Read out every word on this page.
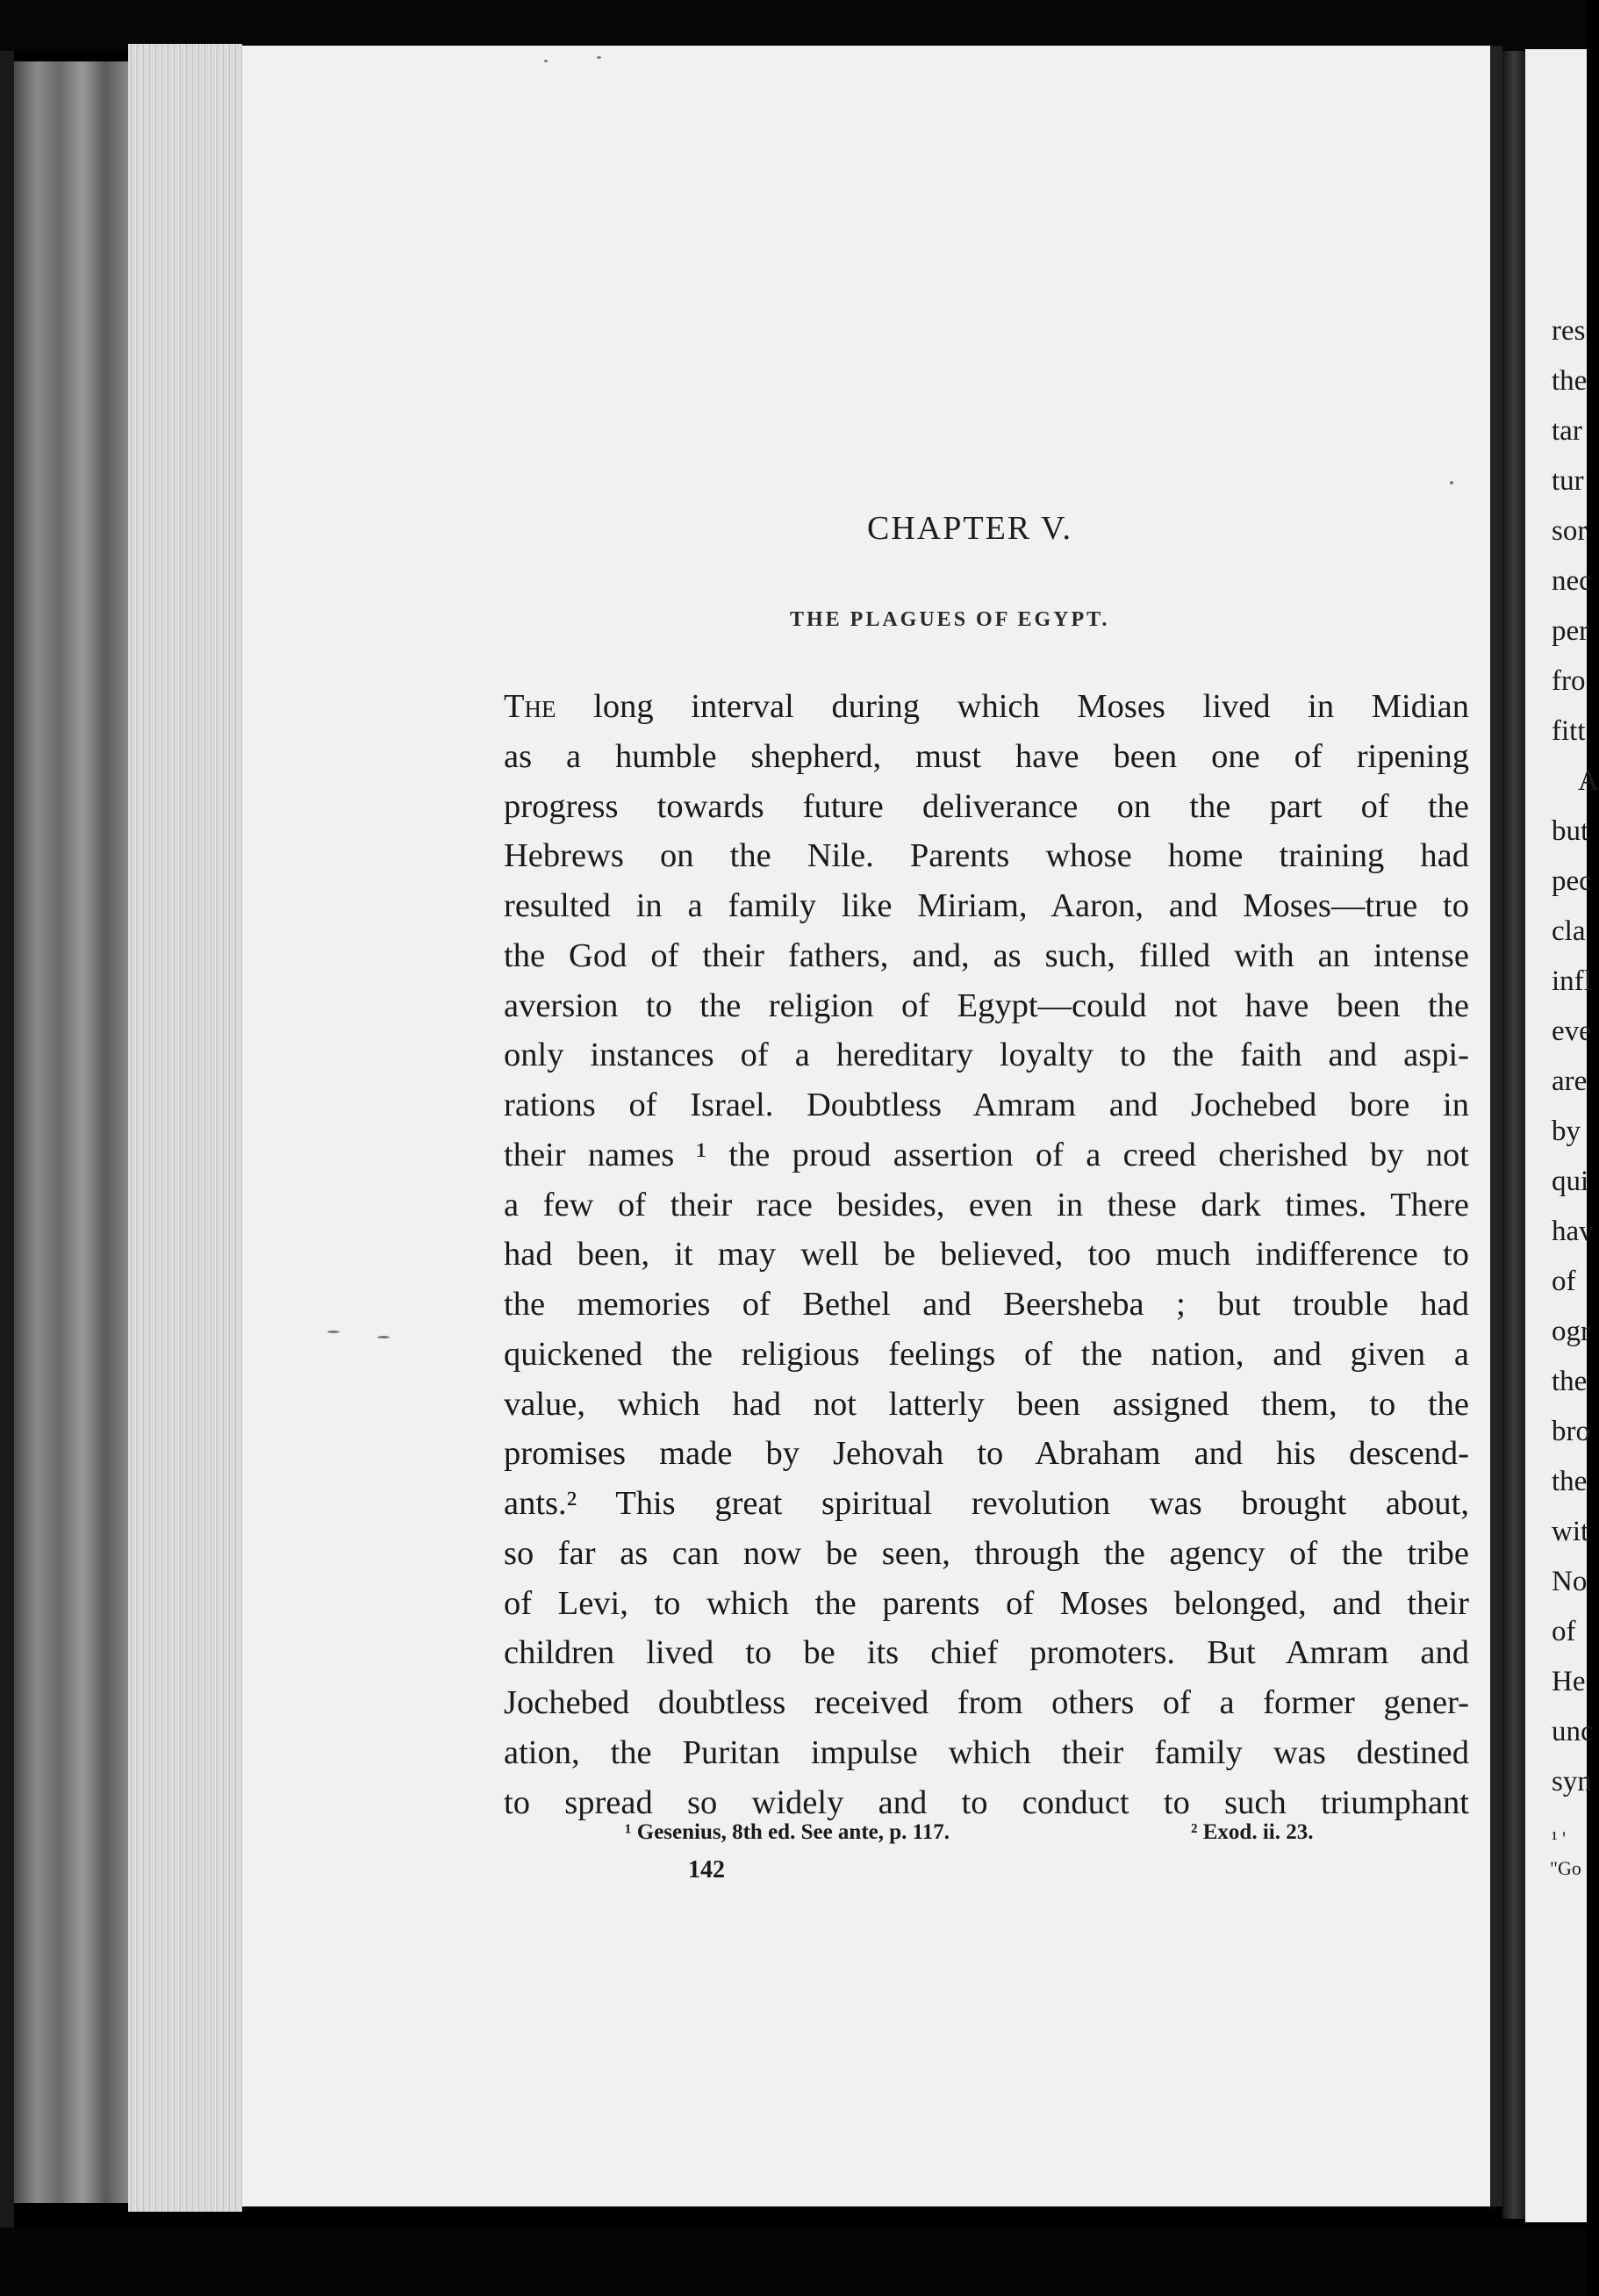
CHAPTER V.
THE PLAGUES OF EGYPT.
The long interval during which Moses lived in Midian
as a humble shepherd, must have been one of ripening
progress towards future deliverance on the part of the
Hebrews on the Nile. Parents whose home training had
resulted in a family like Miriam, Aaron, and Moses—true to
the God of their fathers, and, as such, filled with an intense
aversion to the religion of Egypt—could not have been the
only instances of a hereditary loyalty to the faith and aspi-
rations of Israel. Doubtless Amram and Jochebed bore in
their names ¹ the proud assertion of a creed cherished by not
a few of their race besides, even in these dark times. There
had been, it may well be believed, too much indifference to
the memories of Bethel and Beersheba ; but trouble had
quickened the religious feelings of the nation, and given a
value, which had not latterly been assigned them, to the
promises made by Jehovah to Abraham and his descend-
ants.² This great spiritual revolution was brought about,
so far as can now be seen, through the agency of the tribe
of Levi, to which the parents of Moses belonged, and their
children lived to be its chief promoters. But Amram and
Jochebed doubtless received from others of a former gener-
ation, the Puritan impulse which their family was destined
to spread so widely and to conduct to such triumphant
¹ Gesenius, 8th ed. See ante, p. 117.	² Exod. ii. 23.
142
res
the
tar
tur
sor
nec
per
fro
fitt
A
but
pec
cla
infl
eve
are
by
qui
hav
of
ogr
the
bro
the
wit
No
of
He
unc
syn
¹ '
"Go
